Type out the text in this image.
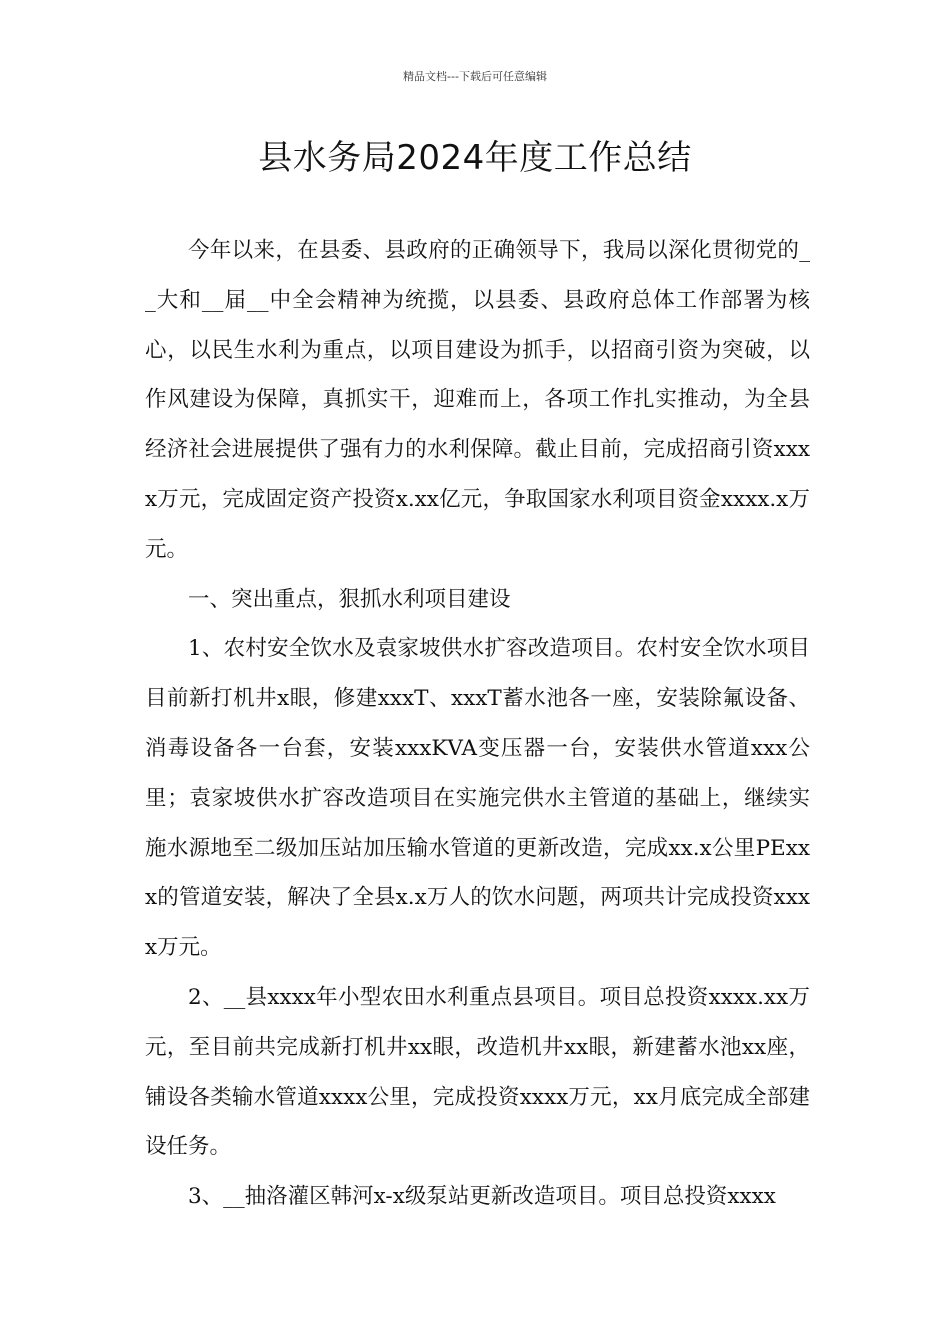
精品文档---下载后可任意编辑
县水务局2024年度工作总结

今年以来，在县委、县政府的正确领导下，我局以深化贯彻党的__大和__届__中全会精神为统揽，以县委、县政府总体工作部署为核心，以民生水利为重点，以项目建设为抓手，以招商引资为突破，以作风建设为保障，真抓实干，迎难而上，各项工作扎实推动，为全县经济社会进展提供了强有力的水利保障。截止目前，完成招商引资xxxx万元，完成固定资产投资x.xx亿元，争取国家水利项目资金xxxx.x万元。

一、突出重点，狠抓水利项目建设

1、农村安全饮水及袁家坡供水扩容改造项目。农村安全饮水项目目前新打机井x眼，修建xxxT、xxxT蓄水池各一座，安装除氟设备、消毒设备各一台套，安装xxxKVA变压器一台，安装供水管道xxx公里；袁家坡供水扩容改造项目在实施完供水主管道的基础上，继续实施水源地至二级加压站加压输水管道的更新改造，完成xx.x公里PExxx的管道安装，解决了全县x.x万人的饮水问题，两项共计完成投资xxxx万元。

2、__县xxxx年小型农田水利重点县项目。项目总投资xxxx.xx万元，至目前共完成新打机井xx眼，改造机井xx眼，新建蓄水池xx座，铺设各类输水管道xxxx公里，完成投资xxxx万元，xx月底完成全部建设任务。

3、__抽洛灌区韩河x-x级泵站更新改造项目。项目总投资xxxx
